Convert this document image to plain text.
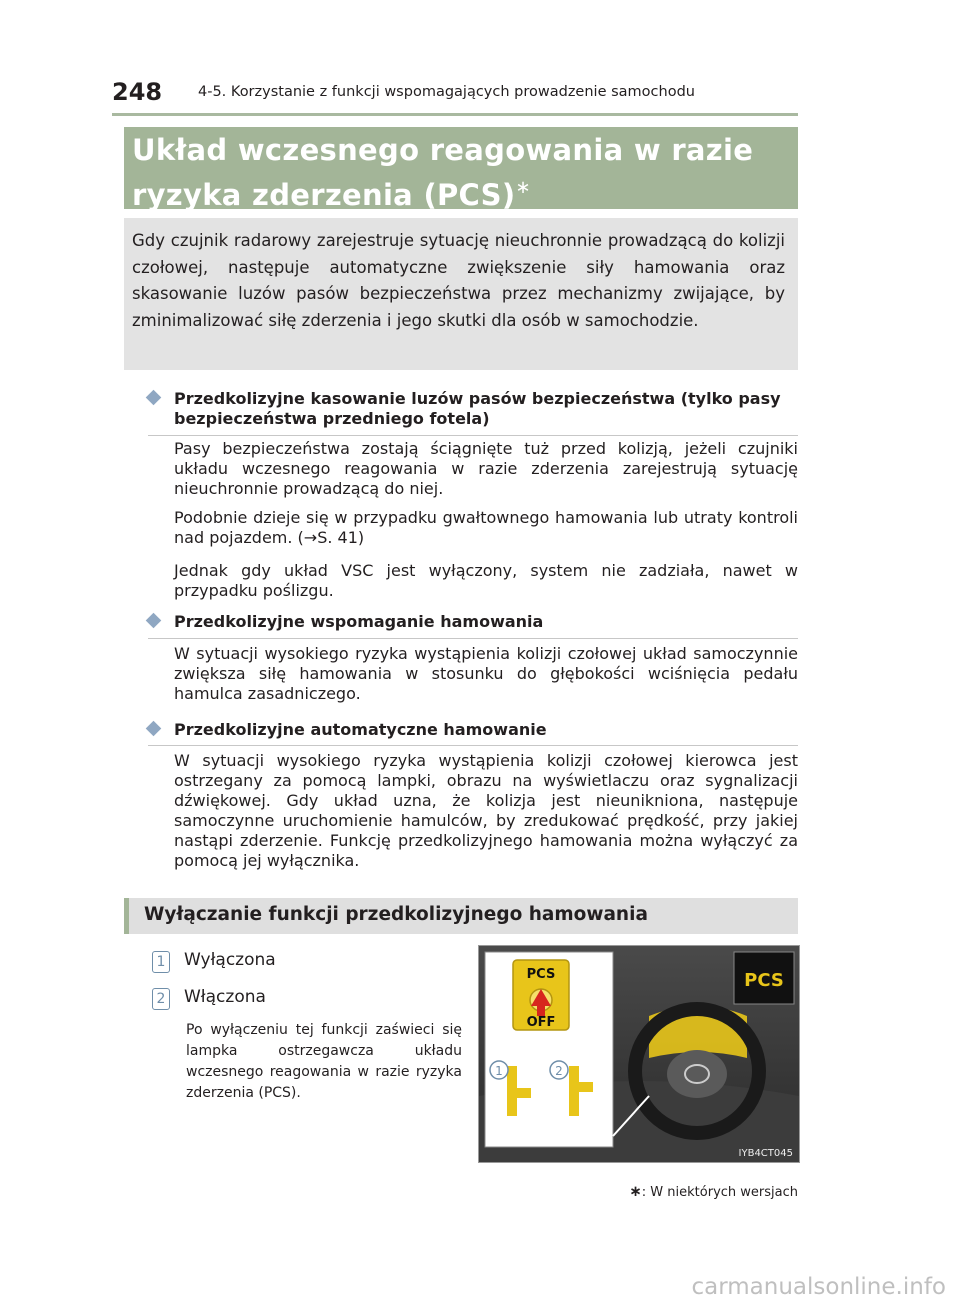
248 4-5. Korzystanie z funkcji wspomagających prowadzenie samochodu
Układ wczesnego reagowania w razie ryzyka zderzenia (PCS)∗
Gdy czujnik radarowy zarejestruje sytuację nieuchronnie prowadzącą do kolizji czołowej, następuje automatyczne zwiększenie siły hamowania oraz skasowanie luzów pasów bezpieczeństwa przez mechanizmy zwijające, by zminimalizować siłę zderzenia i jego skutki dla osób w samochodzie.
Przedkolizyjne kasowanie luzów pasów bezpieczeństwa (tylko pasy bezpieczeństwa przedniego fotela)
Pasy bezpieczeństwa zostają ściągnięte tuż przed kolizją, jeżeli czujniki układu wczesnego reagowania w razie zderzenia zarejestrują sytuację nieuchronnie prowadzącą do niej.
Podobnie dzieje się w przypadku gwałtownego hamowania lub utraty kontroli nad pojazdem. (→S. 41)
Jednak gdy układ VSC jest wyłączony, system nie zadziała, nawet w przypadku poślizgu.
Przedkolizyjne wspomaganie hamowania
W sytuacji wysokiego ryzyka wystąpienia kolizji czołowej układ samoczynnie zwiększa siłę hamowania w stosunku do głębokości wciśnięcia pedału hamulca zasadniczego.
Przedkolizyjne automatyczne hamowanie
W sytuacji wysokiego ryzyka wystąpienia kolizji czołowej kierowca jest ostrzegany za pomocą lampki, obrazu na wyświetlaczu oraz sygnalizacji dźwiękowej. Gdy układ uzna, że kolizja jest nieunikniona, następuje samoczynne uruchomienie hamulców, by zredukować prędkość, przy jakiej nastąpi zderzenie. Funkcję przedkolizyjnego hamowania można wyłączyć za pomocą jej wyłącznika.
Wyłączanie funkcji przedkolizyjnego hamowania
1 Wyłączona
2 Włączona
Po wyłączeniu tej funkcji zaświeci się lampka ostrzegawcza układu wczesnego reagowania w razie ryzyka zderzenia (PCS).
PCS
OFF
PCS
1	2
IYB4CT045
∗: W niektórych wersjach
carmanualsonline.info
